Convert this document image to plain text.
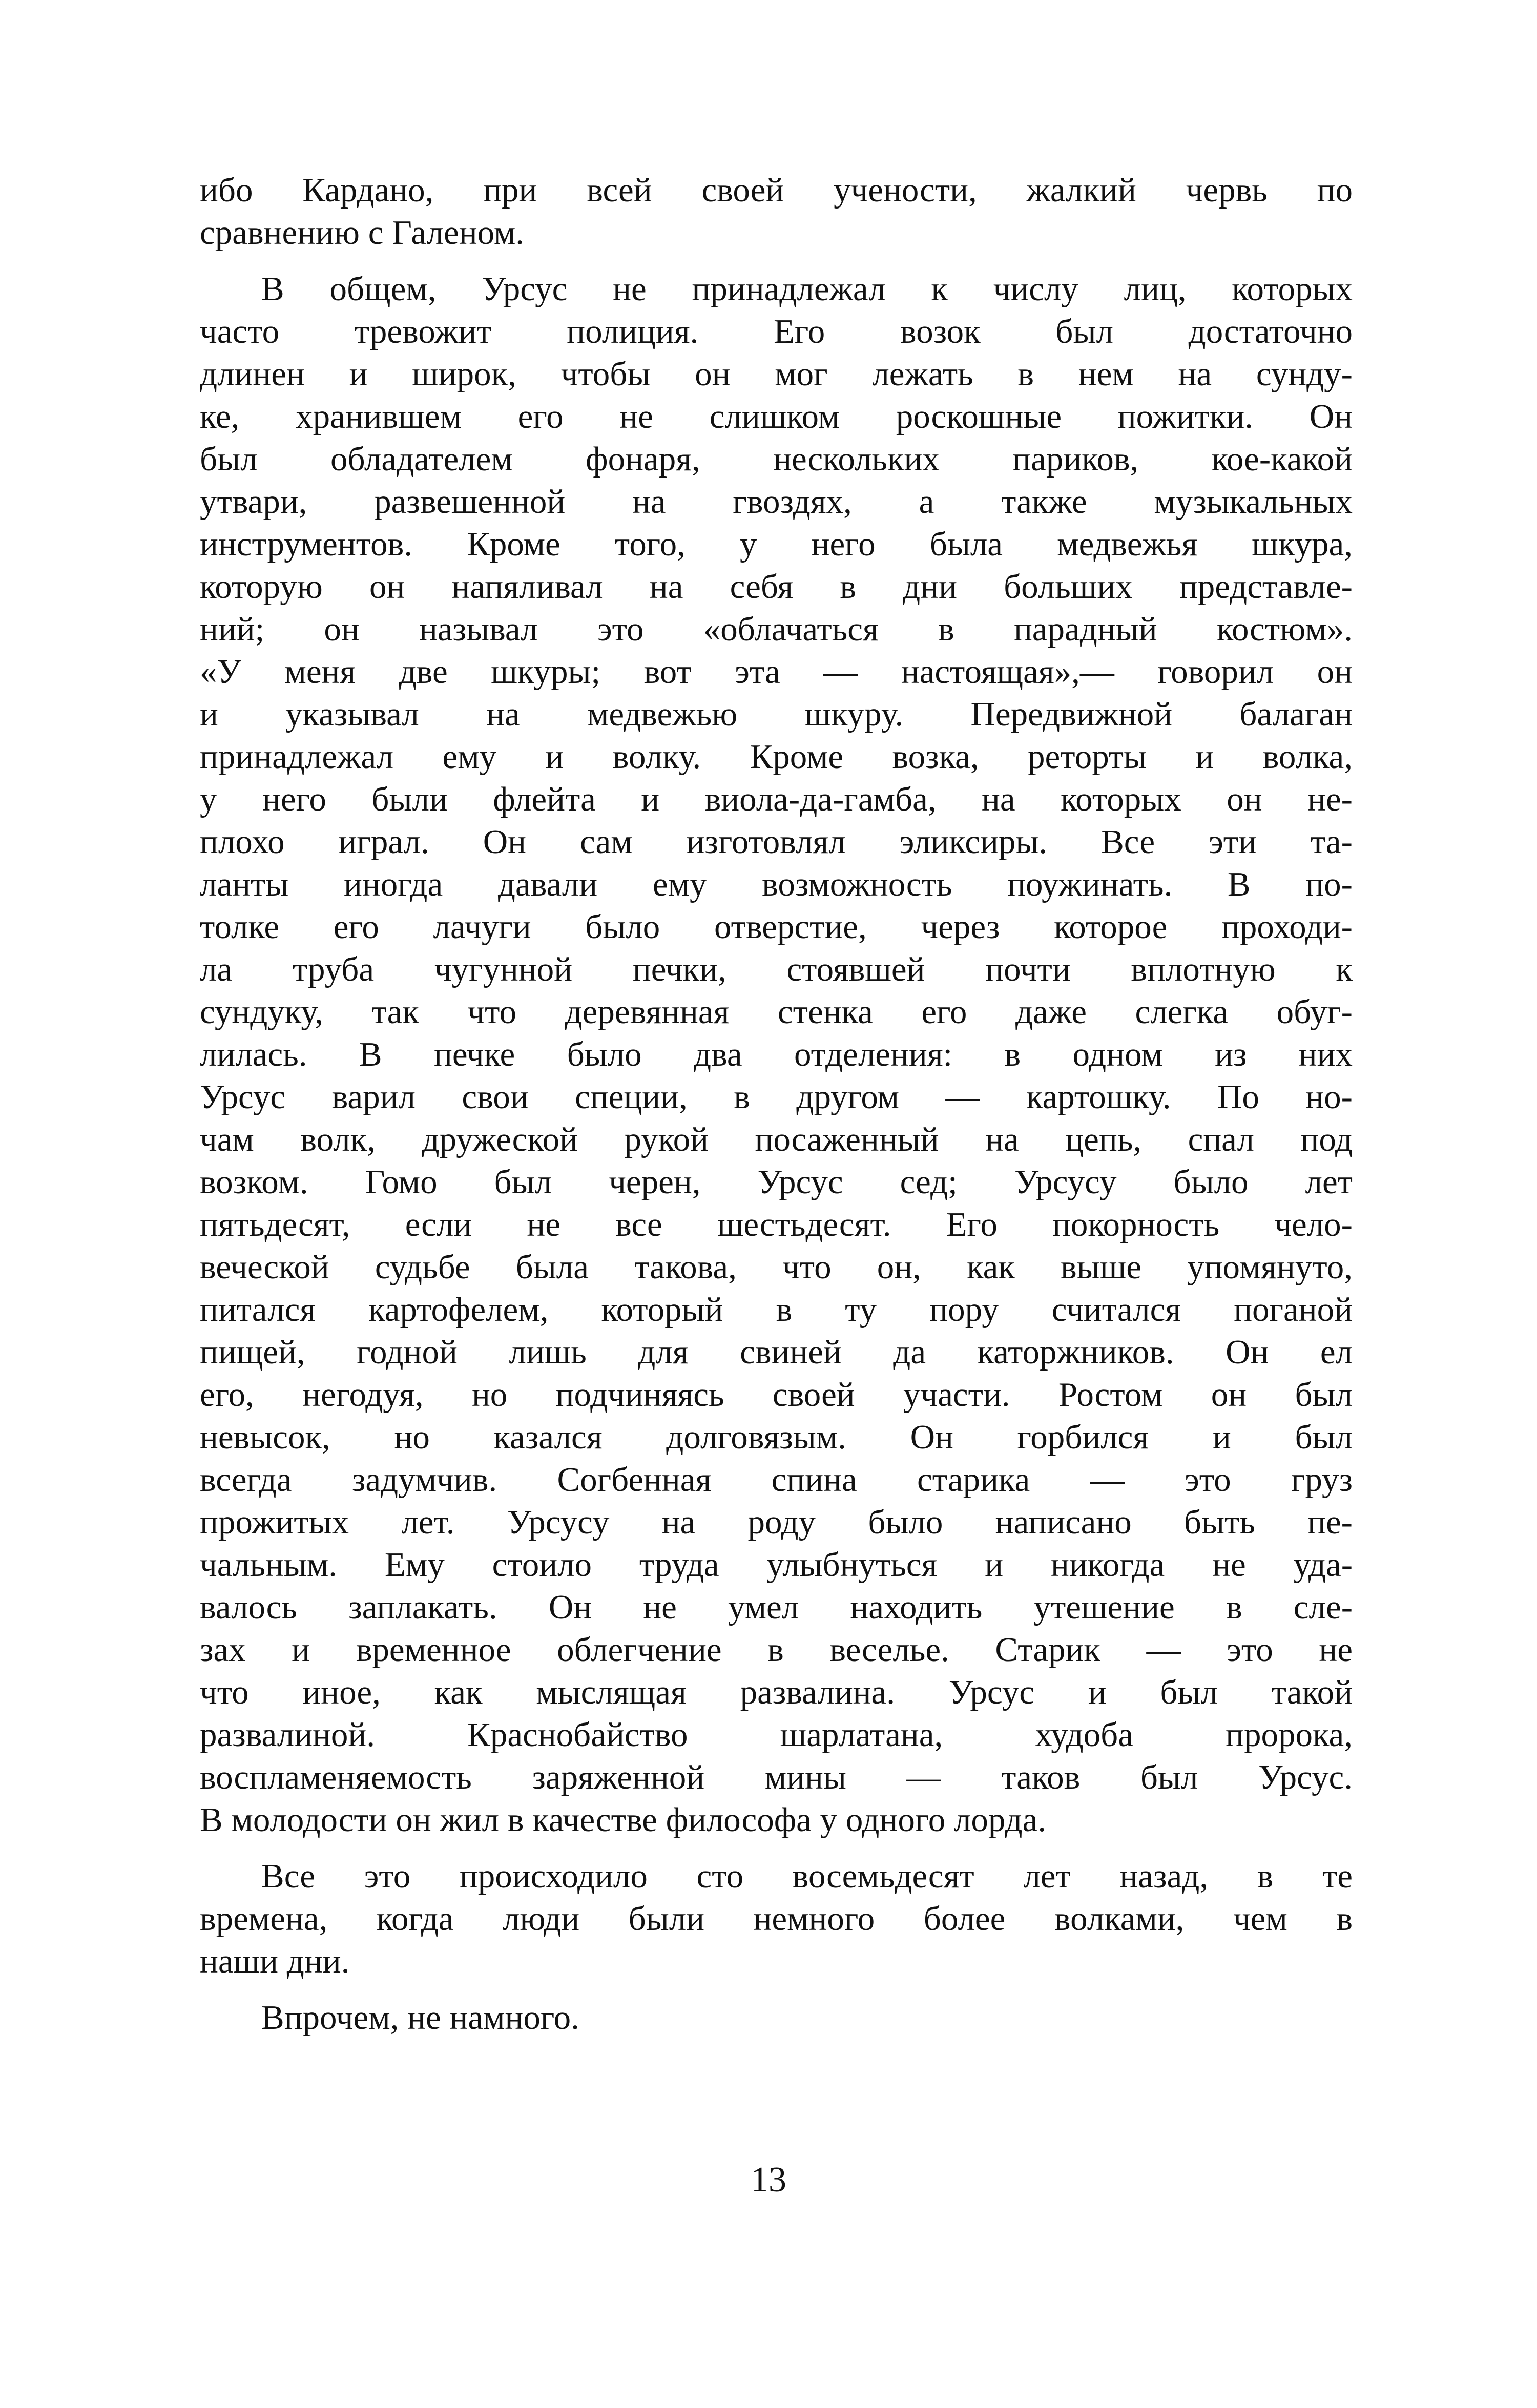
ибо Кардано, при всей своей учености, жалкий червь по
сравнению с Галеном.
В общем, Урсус не принадлежал к числу лиц, которых
часто тревожит полиция. Его возок был достаточно
длинен и широк, чтобы он мог лежать в нем на сунду-
ке, хранившем его не слишком роскошные пожитки. Он
был обладателем фонаря, нескольких париков, кое-какой
утвари, развешенной на гвоздях, а также музыкальных
инструментов. Кроме того, у него была медвежья шкура,
которую он напяливал на себя в дни больших представле-
ний; он называл это «облачаться в парадный костюм».
«У меня две шкуры; вот эта — настоящая»,— говорил он
и указывал на медвежью шкуру. Передвижной балаган
принадлежал ему и волку. Кроме возка, реторты и волка,
у него были флейта и виола-да-гамба, на которых он не-
плохо играл. Он сам изготовлял эликсиры. Все эти та-
ланты иногда давали ему возможность поужинать. В по-
толке его лачуги было отверстие, через которое проходи-
ла труба чугунной печки, стоявшей почти вплотную к
сундуку, так что деревянная стенка его даже слегка обуг-
лилась. В печке было два отделения: в одном из них
Урсус варил свои специи, в другом — картошку. По но-
чам волк, дружеской рукой посаженный на цепь, спал под
возком. Гомо был черен, Урсус сед; Урсусу было лет
пятьдесят, если не все шестьдесят. Его покорность чело-
веческой судьбе была такова, что он, как выше упомянуто,
питался картофелем, который в ту пору считался поганой
пищей, годной лишь для свиней да каторжников. Он ел
его, негодуя, но подчиняясь своей участи. Ростом он был
невысок, но казался долговязым. Он горбился и был
всегда задумчив. Согбенная спина старика — это груз
прожитых лет. Урсусу на роду было написано быть пе-
чальным. Ему стоило труда улыбнуться и никогда не уда-
валось заплакать. Он не умел находить утешение в сле-
зах и временное облегчение в веселье. Старик — это не
что иное, как мыслящая развалина. Урсус и был такой
развалиной. Краснобайство шарлатана, худоба пророка,
воспламеняемость заряженной мины — таков был Урсус.
В молодости он жил в качестве философа у одного лорда.
Все это происходило сто восемьдесят лет назад, в те
времена, когда люди были немного более волками, чем в
наши дни.
Впрочем, не намного.
13
